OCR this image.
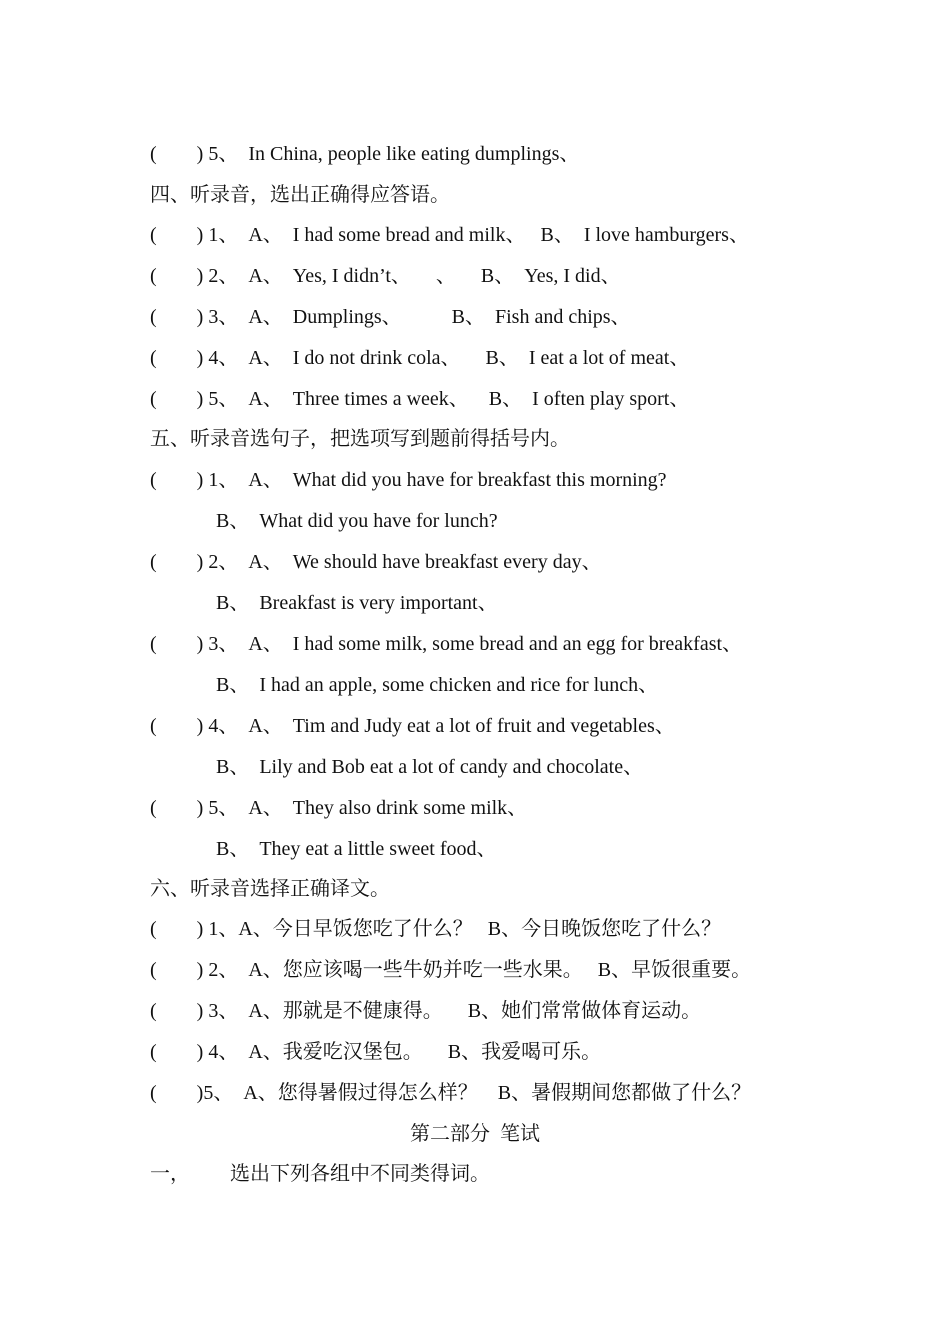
(        ) 5、  In China, people like eating dumplings、
四、听录音，选出正确得应答语。
(        ) 1、  A、  I had some bread and milk、   B、  I love hamburgers、
(        ) 2、  A、  Yes, I didn’t、     、     B、  Yes, I did、
(        ) 3、  A、  Dumplings、          B、  Fish and chips、
(        ) 4、  A、  I do not drink cola、     B、  I eat a lot of meat、
(        ) 5、  A、  Three times a week、    B、  I often play sport、
五、听录音选句子，把选项写到题前得括号内。
(        ) 1、  A、  What did you have for breakfast this morning?
B、  What did you have for lunch?
(        ) 2、  A、  We should have breakfast every day、
B、  Breakfast is very important、
(        ) 3、  A、  I had some milk, some bread and an egg for breakfast、
B、  I had an apple, some chicken and rice for lunch、
(        ) 4、  A、  Tim and Judy eat a lot of fruit and vegetables、
B、  Lily and Bob eat a lot of candy and chocolate、
(        ) 5、  A、  They also drink some milk、
B、  They eat a little sweet food、
六、听录音选择正确译文。
(        ) 1、A、今日早饭您吃了什么？   B、今日晚饭您吃了什么？
(        ) 2、  A、您应该喝一些牛奶并吃一些水果。   B、早饭很重要。
(        ) 3、  A、那就是不健康得。     B、她们常常做体育运动。
(        ) 4、  A、我爱吃汉堡包。     B、我爱喝可乐。
(        )5、  A、您得暑假过得怎么样？    B、暑假期间您都做了什么？
第二部分  笔试
一，        选出下列各组中不同类得词。
